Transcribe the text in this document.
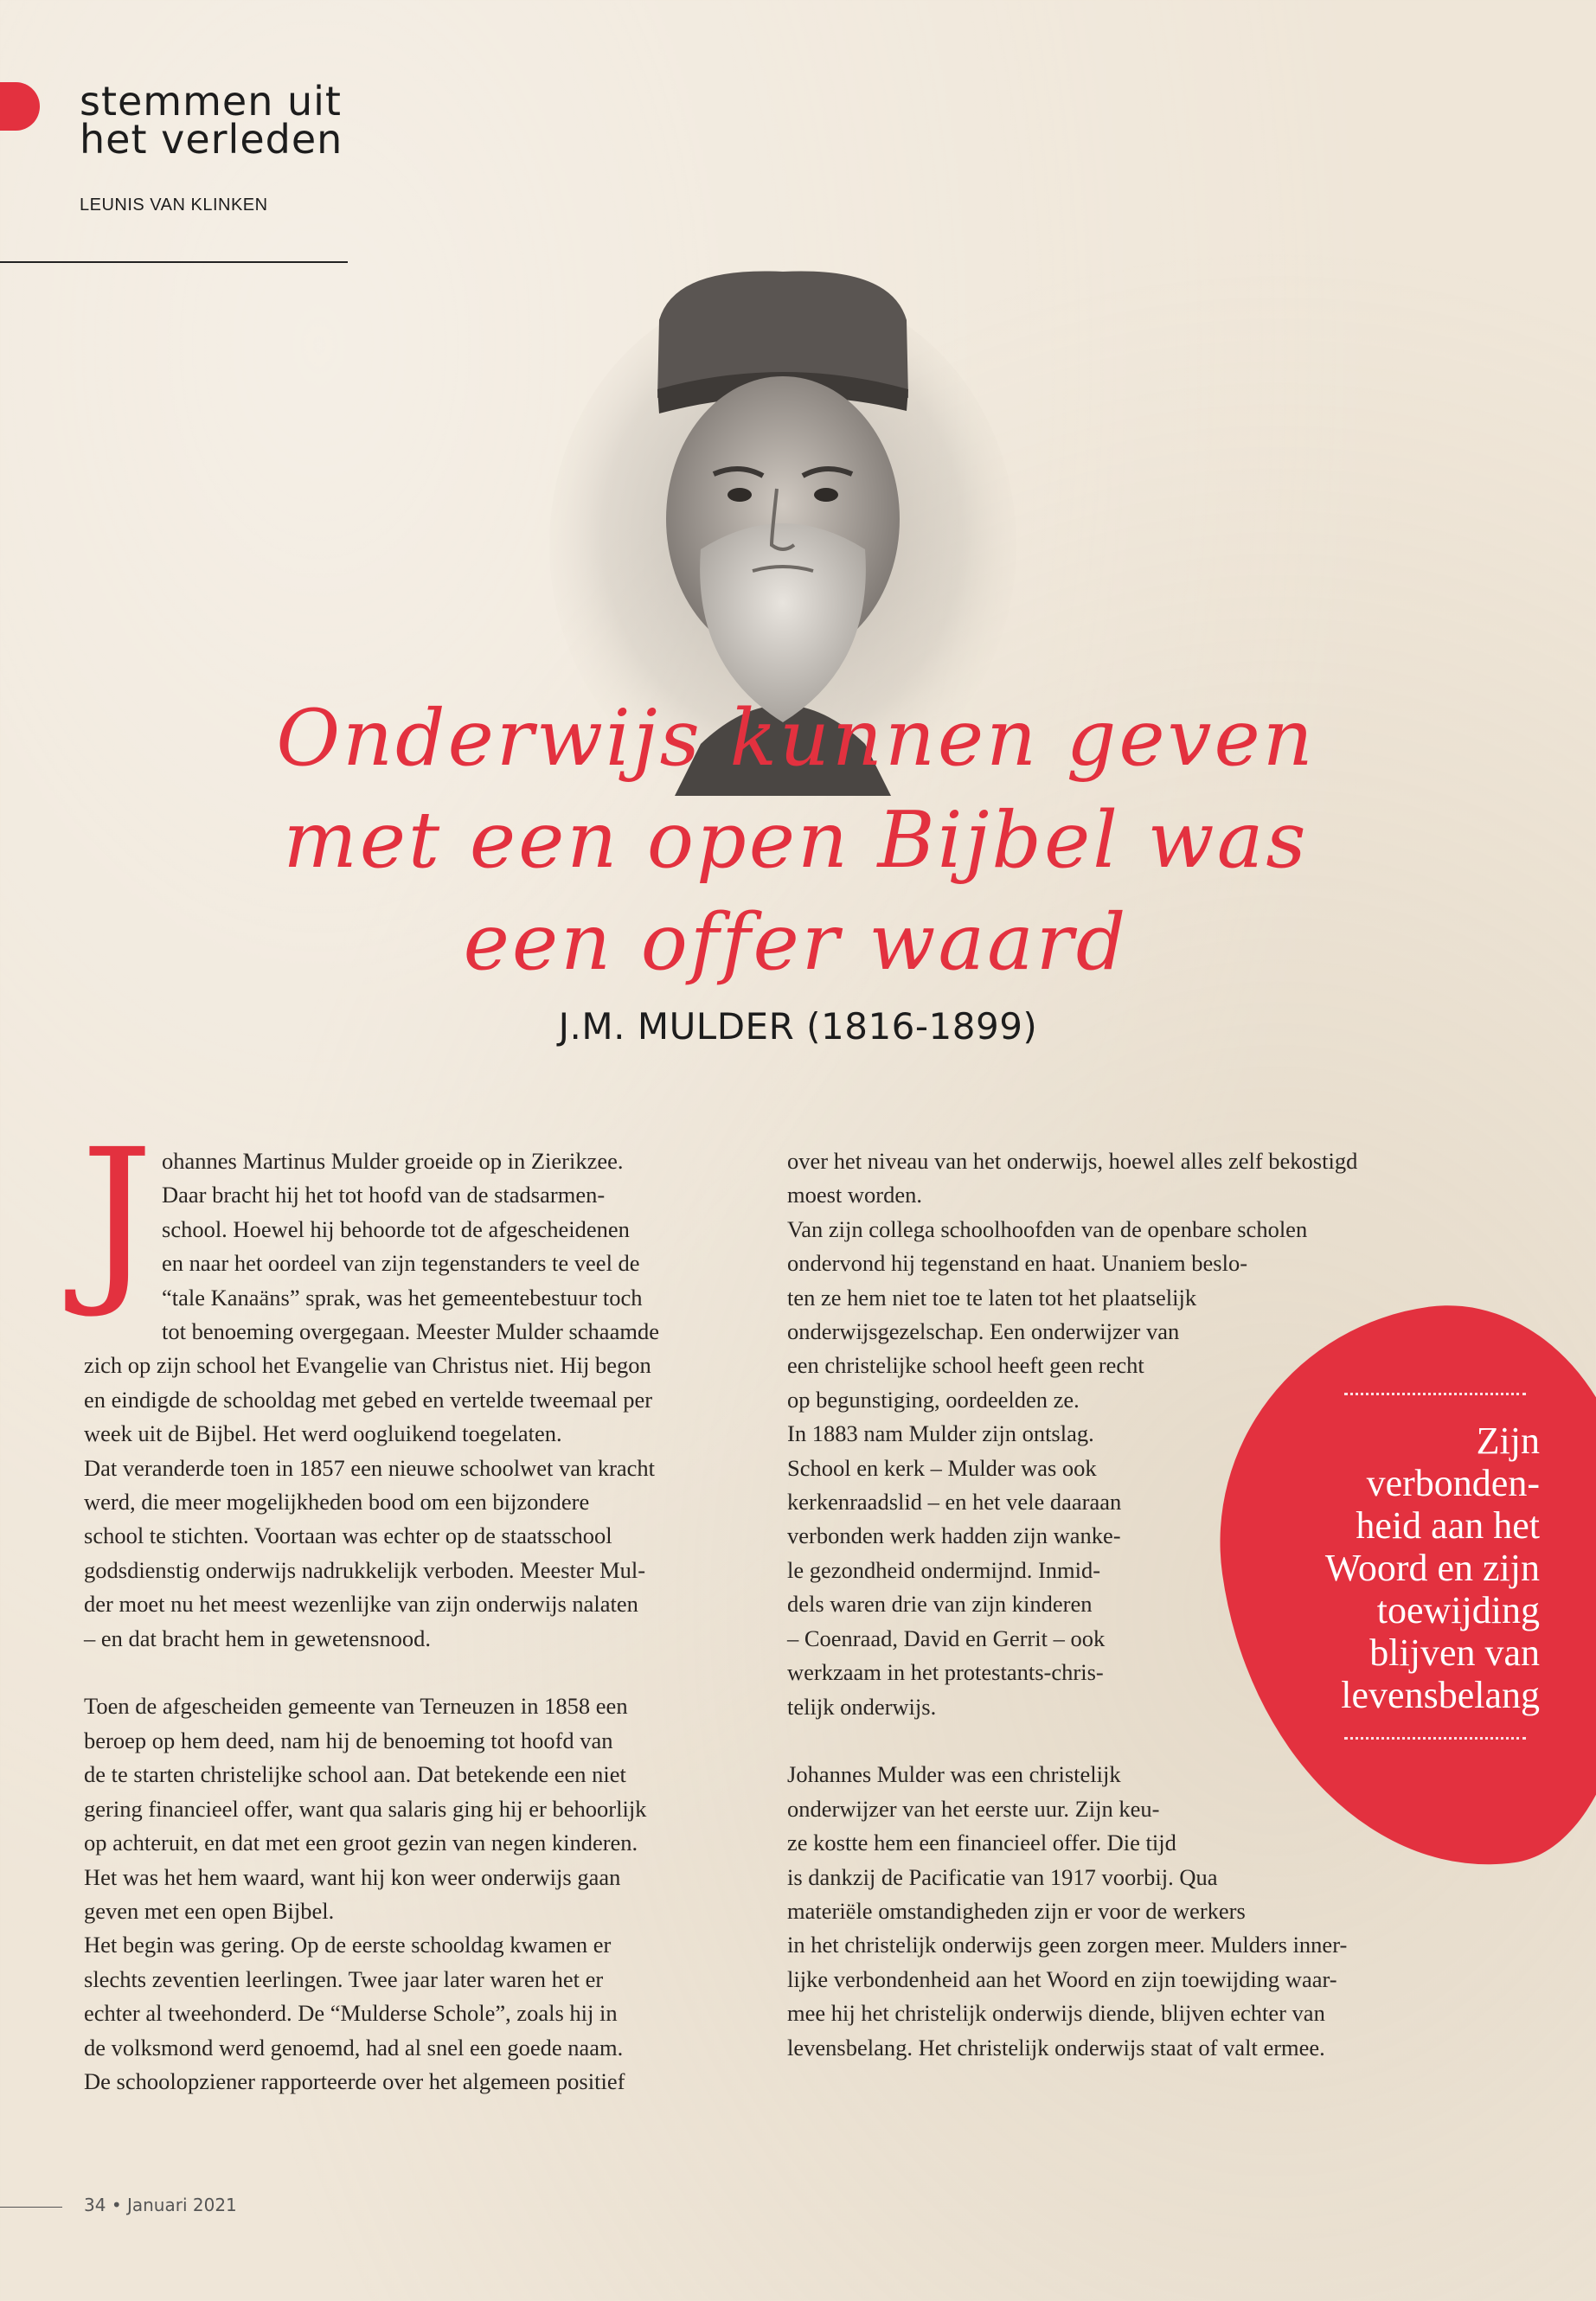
stemmen uit
het verleden
LEUNIS VAN KLINKEN
Onderwijs kunnen geven
met een open Bijbel was
een offer waard
J.M. MULDER (1816-1899)
J ohannes Martinus Mulder groeide op in Zierikzee.
Daar bracht hij het tot hoofd van de stadsarmen-
school. Hoewel hij behoorde tot de afgescheidenen
en naar het oordeel van zijn tegenstanders te veel de
“tale Kanaäns” sprak, was het gemeentebestuur toch
tot benoeming overgegaan. Meester Mulder schaamde
zich op zijn school het Evangelie van Christus niet. Hij begon
en eindigde de schooldag met gebed en vertelde tweemaal per
week uit de Bijbel. Het werd oogluikend toegelaten.
Dat veranderde toen in 1857 een nieuwe schoolwet van kracht
werd, die meer mogelijkheden bood om een bijzondere
school te stichten. Voortaan was echter op de staatsschool
godsdienstig onderwijs nadrukkelijk verboden. Meester Mul-
der moet nu het meest wezenlijke van zijn onderwijs nalaten
– en dat bracht hem in gewetensnood.
Toen de afgescheiden gemeente van Terneuzen in 1858 een
beroep op hem deed, nam hij de benoeming tot hoofd van
de te starten christelijke school aan. Dat betekende een niet
gering financieel offer, want qua salaris ging hij er behoorlijk
op achteruit, en dat met een groot gezin van negen kinderen.
Het was het hem waard, want hij kon weer onderwijs gaan
geven met een open Bijbel.
Het begin was gering. Op de eerste schooldag kwamen er
slechts zeventien leerlingen. Twee jaar later waren het er
echter al tweehonderd. De “Mulderse Schole”, zoals hij in
de volksmond werd genoemd, had al snel een goede naam.
De schoolopziener rapporteerde over het algemeen positief
Zijn
verbonden-
heid aan het
Woord en zijn
toewijding
blijven van
levensbelang
over het niveau van het onderwijs, hoewel alles zelf bekostigd
moest worden.
Van zijn collega schoolhoofden van de openbare scholen
ondervond hij tegenstand en haat. Unaniem beslo-
ten ze hem niet toe te laten tot het plaatselijk
onderwijsgezelschap. Een onderwijzer van
een christelijke school heeft geen recht
op begunstiging, oordeelden ze.
In 1883 nam Mulder zijn ontslag.
School en kerk – Mulder was ook
kerkenraadslid – en het vele daaraan
verbonden werk hadden zijn wanke-
le gezondheid ondermijnd. Inmid-
dels waren drie van zijn kinderen
– Coenraad, David en Gerrit – ook
werkzaam in het protestants-chris-
telijk onderwijs.
Johannes Mulder was een christelijk
onderwijzer van het eerste uur. Zijn keu-
ze kostte hem een financieel offer. Die tijd
is dankzij de Pacificatie van 1917 voorbij. Qua
materiële omstandigheden zijn er voor de werkers
in het christelijk onderwijs geen zorgen meer. Mulders inner-
lijke verbondenheid aan het Woord en zijn toewijding waar-
mee hij het christelijk onderwijs diende, blijven echter van
levensbelang. Het christelijk onderwijs staat of valt ermee.
34 • Januari 2021
